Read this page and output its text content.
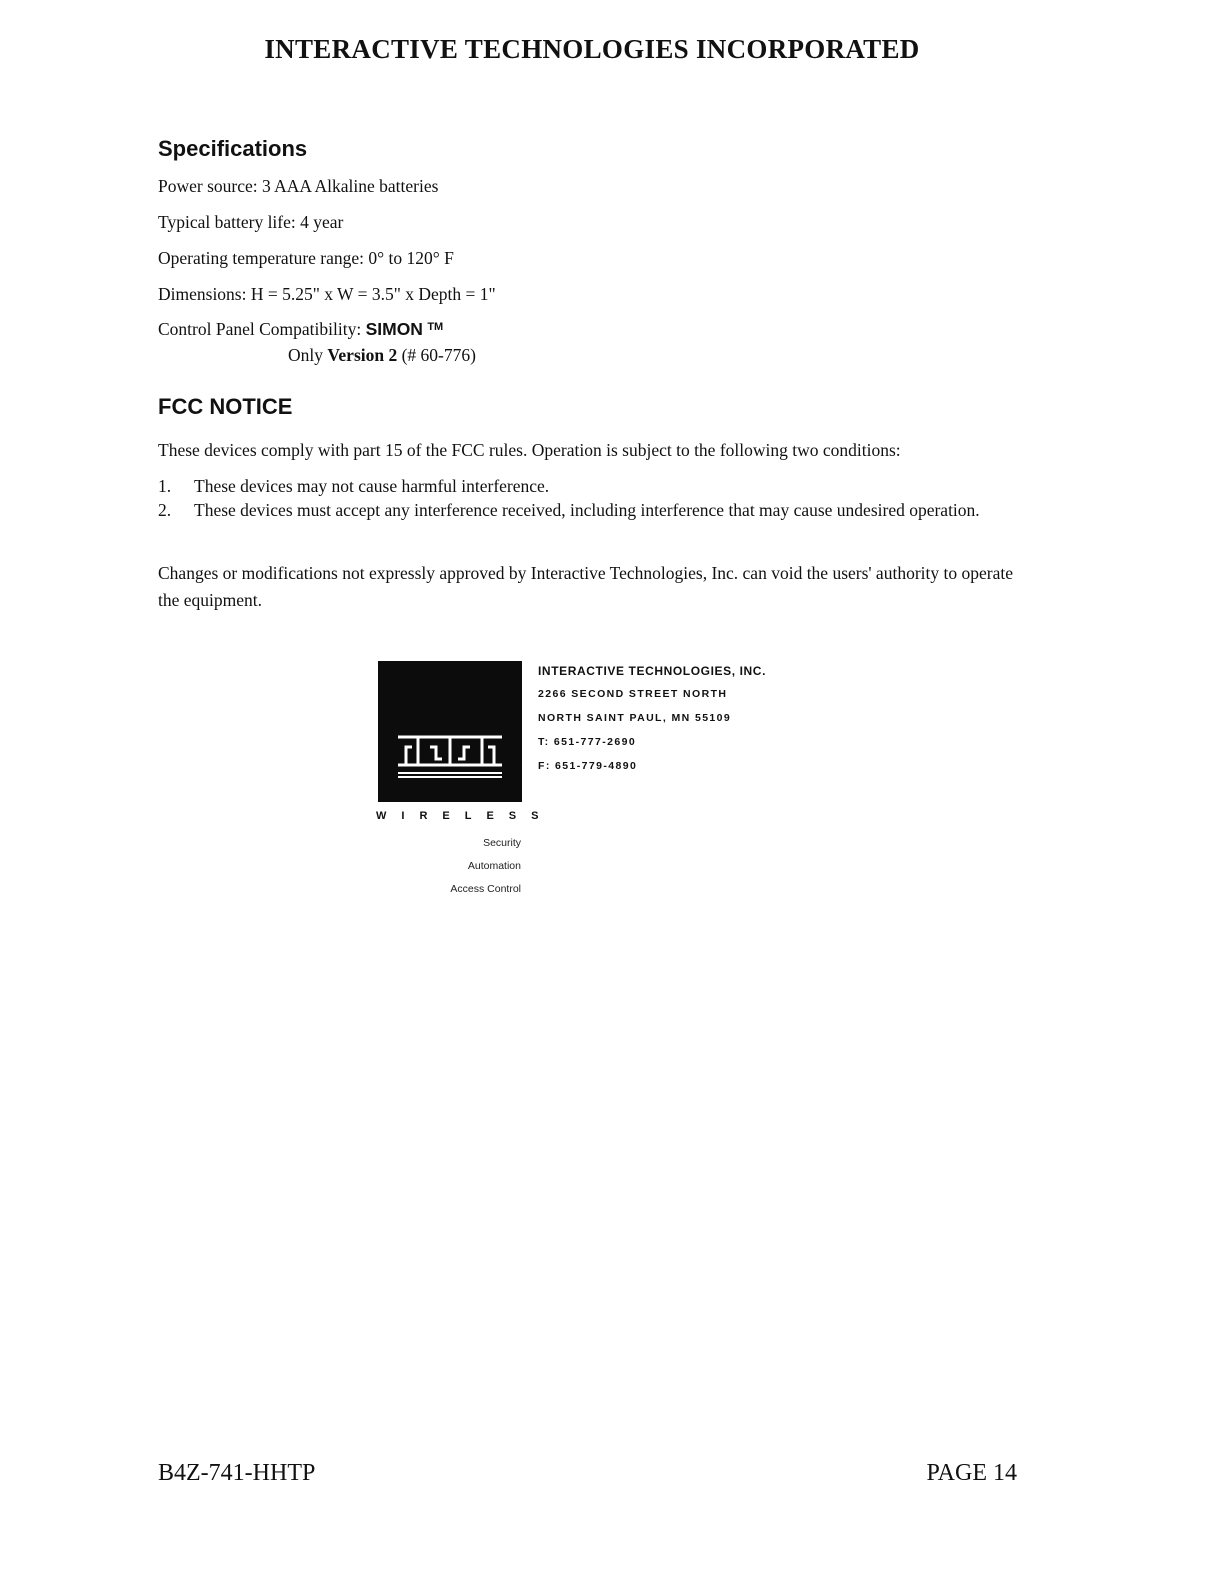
INTERACTIVE TECHNOLOGIES INCORPORATED
Specifications
Power source: 3 AAA Alkaline batteries
Typical battery life: 4 year
Operating temperature range: 0° to 120° F
Dimensions: H = 5.25" x W = 3.5" x Depth = 1"
Control Panel Compatibility: SIMON ™
Only Version 2 (# 60-776)
FCC NOTICE
These devices comply with part 15 of the FCC rules. Operation is subject to the following two conditions:
1. These devices may not cause harmful interference.
2. These devices must accept any interference received, including interference that may cause undesired operation.
Changes or modifications not expressly approved by Interactive Technologies, Inc. can void the users' authority to operate the equipment.
ITI
WIRELESS
Security
Automation
Access Control
INTERACTIVE TECHNOLOGIES, INC.
2266 SECOND STREET NORTH
NORTH SAINT PAUL, MN 55109
T: 651-777-2690
F: 651-779-4890
B4Z-741-HHTP	PAGE 14
